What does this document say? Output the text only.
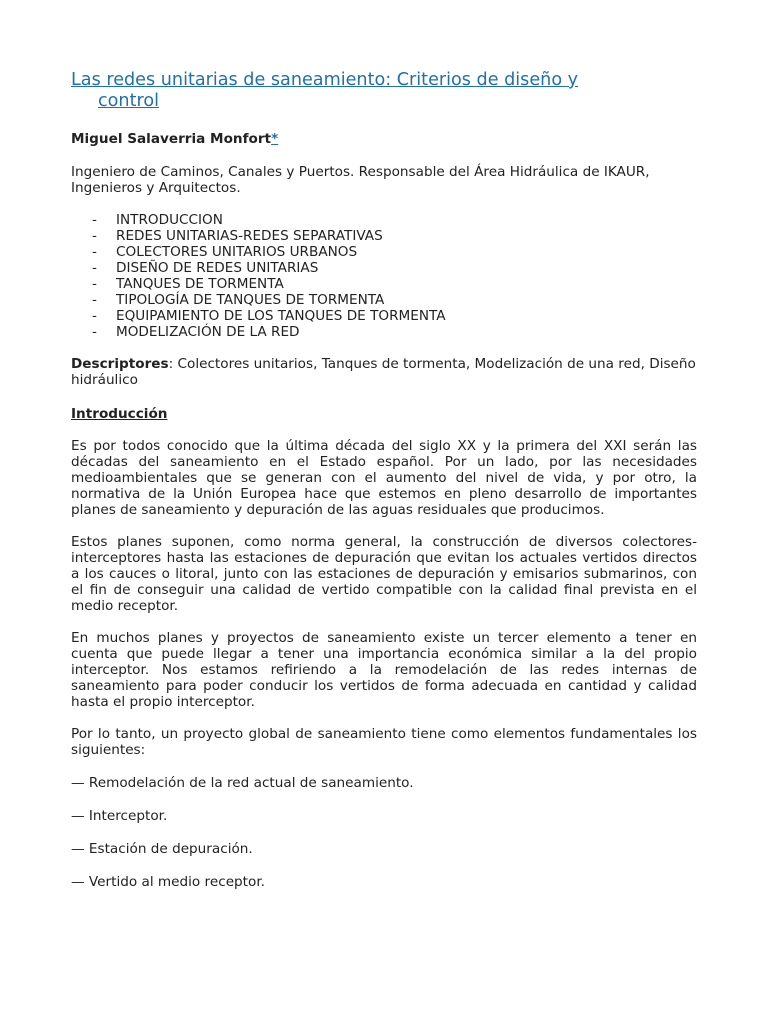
Las redes unitarias de saneamiento: Criterios de diseño y
control
Miguel Salaverria Monfort*
Ingeniero de Caminos, Canales y Puertos. Responsable del Área Hidráulica de IKAUR, Ingenieros y Arquitectos.
-	INTRODUCCION
-	REDES UNITARIAS-REDES SEPARATIVAS
-	COLECTORES UNITARIOS URBANOS
-	DISEÑO DE REDES UNITARIAS
-	TANQUES DE TORMENTA
-	TIPOLOGÍA DE TANQUES DE TORMENTA
-	EQUIPAMIENTO DE LOS TANQUES DE TORMENTA
-	MODELIZACIÓN DE LA RED
Descriptores: Colectores unitarios, Tanques de tormenta, Modelización de una red, Diseño hidráulico
Introducción

Es por todos conocido que la última década del siglo XX y la primera del XXI serán las décadas del saneamiento en el Estado español. Por un lado, por las necesidades medioambientales que se generan con el aumento del nivel de vida, y por otro, la normativa de la Unión Europea hace que estemos en pleno desarrollo de importantes planes de saneamiento y depuración de las aguas residuales que producimos.

Estos planes suponen, como norma general, la construcción de diversos colectores-interceptores hasta las estaciones de depuración que evitan los actuales vertidos directos a los cauces o litoral, junto con las estaciones de depuración y emisarios submarinos, con el fin de conseguir una calidad de vertido compatible con la calidad final prevista en el medio receptor.

En muchos planes y proyectos de saneamiento existe un tercer elemento a tener en cuenta que puede llegar a tener una importancia económica similar a la del propio interceptor. Nos estamos refiriendo a la remodelación de las redes internas de saneamiento para poder conducir los vertidos de forma adecuada en cantidad y calidad hasta el propio interceptor.

Por lo tanto, un proyecto global de saneamiento tiene como elementos fundamentales los siguientes:

— Remodelación de la red actual de saneamiento.

— Interceptor.

— Estación de depuración.

— Vertido al medio receptor.
